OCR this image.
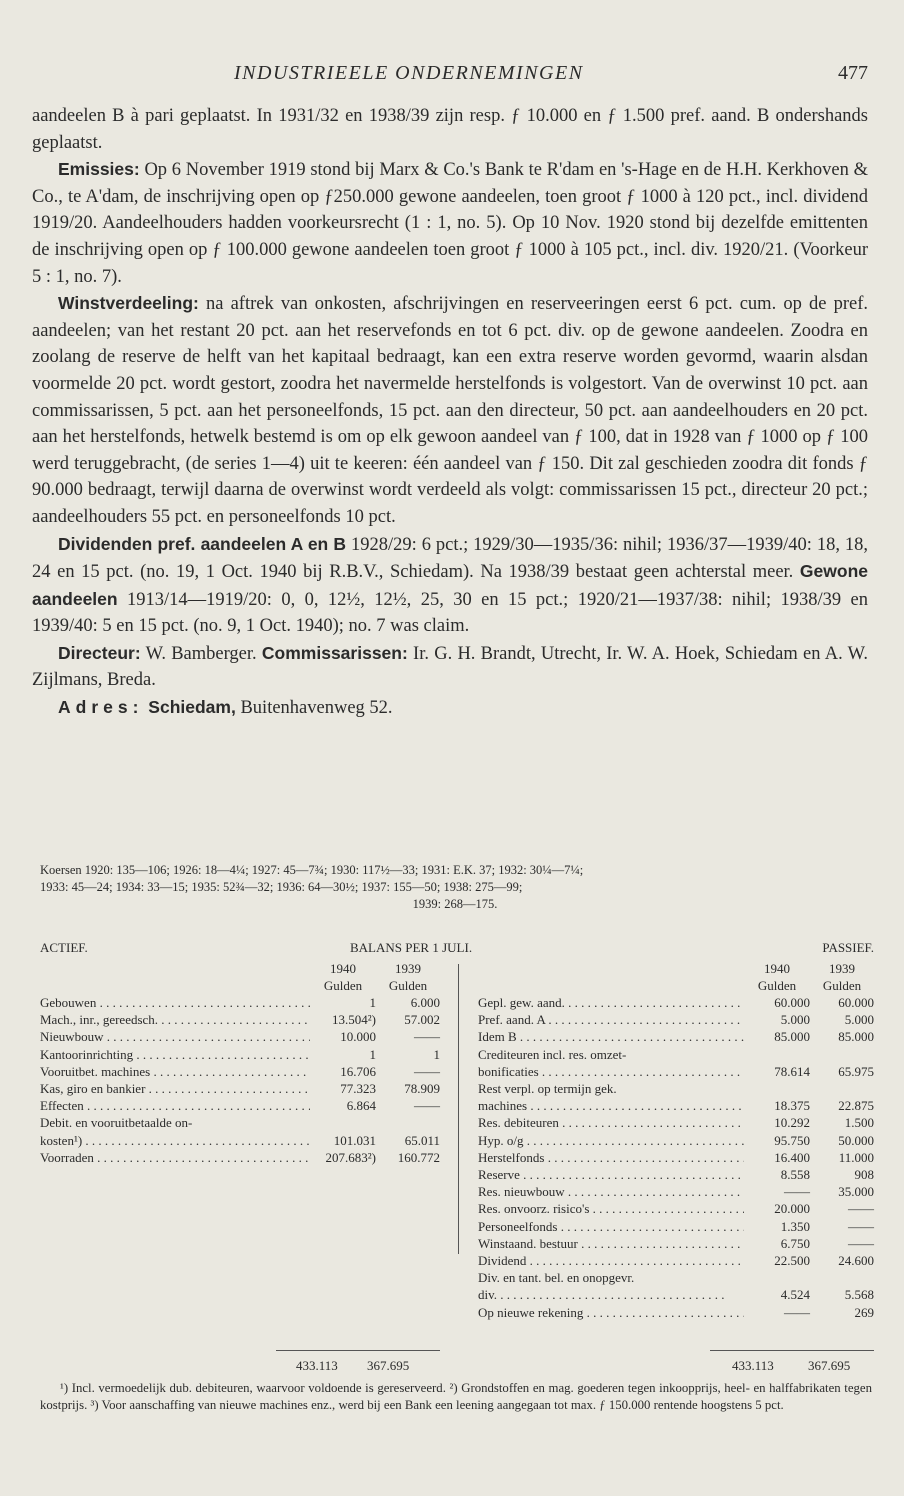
INDUSTRIEELE ONDERNEMINGEN	477

aandeelen B à pari geplaatst. In 1931/32 en 1938/39 zijn resp. ƒ 10.000 en ƒ 1.500 pref. aand. B ondershands geplaatst.

Emissies: Op 6 November 1919 stond bij Marx & Co.'s Bank te R'dam en 's-Hage en de H.H. Kerkhoven & Co., te A'dam, de inschrijving open op ƒ250.000 gewone aandeelen, toen groot ƒ 1000 à 120 pct., incl. dividend 1919/20. Aandeelhouders hadden voorkeursrecht (1 : 1, no. 5). Op 10 Nov. 1920 stond bij dezelfde emittenten de inschrijving open op ƒ 100.000 gewone aandeelen toen groot ƒ 1000 à 105 pct., incl. div. 1920/21. (Voorkeur 5 : 1, no. 7).

Winstverdeeling: na aftrek van onkosten, afschrijvingen en reserveeringen eerst 6 pct. cum. op de pref. aandeelen; van het restant 20 pct. aan het reservefonds en tot 6 pct. div. op de gewone aandeelen. Zoodra en zoolang de reserve de helft van het kapitaal bedraagt, kan een extra reserve worden gevormd, waarin alsdan voormelde 20 pct. wordt gestort, zoodra het navermelde herstelfonds is volgestort. Van de overwinst 10 pct. aan commissarissen, 5 pct. aan het personeelfonds, 15 pct. aan den directeur, 50 pct. aan aandeelhouders en 20 pct. aan het herstelfonds, hetwelk bestemd is om op elk gewoon aandeel van ƒ 100, dat in 1928 van ƒ 1000 op ƒ 100 werd teruggebracht, (de series 1—4) uit te keeren: één aandeel van ƒ 150. Dit zal geschieden zoodra dit fonds ƒ 90.000 bedraagt, terwijl daarna de overwinst wordt verdeeld als volgt: commissarissen 15 pct., directeur 20 pct.; aandeelhouders 55 pct. en personeelfonds 10 pct.

Dividenden pref. aandeelen A en B 1928/29: 6 pct.; 1929/30—1935/36: nihil; 1936/37—1939/40: 18, 18, 24 en 15 pct. (no. 19, 1 Oct. 1940 bij R.B.V., Schiedam). Na 1938/39 bestaat geen achterstal meer. Gewone aandeelen 1913/14—1919/20: 0, 0, 12½, 12½, 25, 30 en 15 pct.; 1920/21—1937/38: nihil; 1938/39 en 1939/40: 5 en 15 pct. (no. 9, 1 Oct. 1940); no. 7 was claim.

Directeur: W. Bamberger. Commissarissen: Ir. G. H. Brandt, Utrecht, Ir. W. A. Hoek, Schiedam en A. W. Zijlmans, Breda.

Adres: Schiedam, Buitenhavenweg 52.

Koersen 1920: 135—106; 1926: 18—4¼; 1927: 45—7¾; 1930: 117½—33; 1931: E.K. 37; 1932: 30¼—7¼;
1933: 45—24; 1934: 33—15; 1935: 52¾—32; 1936: 64—30½; 1937: 155—50; 1938: 275—99;
1939: 268—175.
ACTIEF.	BALANS PER 1 JULI.	PASSIEF.
1940	1939
Gulden	Gulden
Gebouwen . . .	1	6.000
Mach., inr., gereedsch. . . .	13.504²)	57.002
Nieuwbouw . . .	10.000	——
Kantoorinrichting . . .	1	1
Vooruitbet. machines . . .	16.706	——
Kas, giro en bankier . . .	77.323	78.909
Effecten . . .	6.864	——
Debit. en vooruitbetaalde on-
kosten¹) . . .	101.031	65.011
Voorraden . . .	207.683²)	160.772
1940	1939
Gulden	Gulden
Gepl. gew. aand. . . .	60.000	60.000
Pref. aand. A . . .	5.000	5.000
Idem B . . .	85.000	85.000
Crediteuren incl. res. omzet-
bonificaties . . .	78.614	65.975
Rest verpl. op termijn gek.
machines . . .	18.375	22.875
Res. debiteuren . . .	10.292	1.500
Hyp. o/g . . .	95.750	50.000
Herstelfonds . . .	16.400	11.000
Reserve . . .	8.558	908
Res. nieuwbouw . . .	——	35.000
Res. onvoorz. risico's . . .	20.000	——
Personeelfonds . . .	1.350	——
Winstaand. bestuur . . .	6.750	——
Dividend . . .	22.500	24.600
Div. en tant. bel. en onopgevr.
div. . . .	4.524	5.568
Op nieuwe rekening . . .	——	269
433.113 367.695	433.113	367.695
¹) Incl. vermoedelijk dub. debiteuren, waarvoor voldoende is gereserveerd. ²) Grondstoffen en mag. goederen tegen inkoopprijs, heel- en halffabrikaten tegen kostprijs. ³) Voor aanschaffing van nieuwe machines enz., werd bij een Bank een leening aangegaan tot max. ƒ 150.000 rentende hoogstens 5 pct.
